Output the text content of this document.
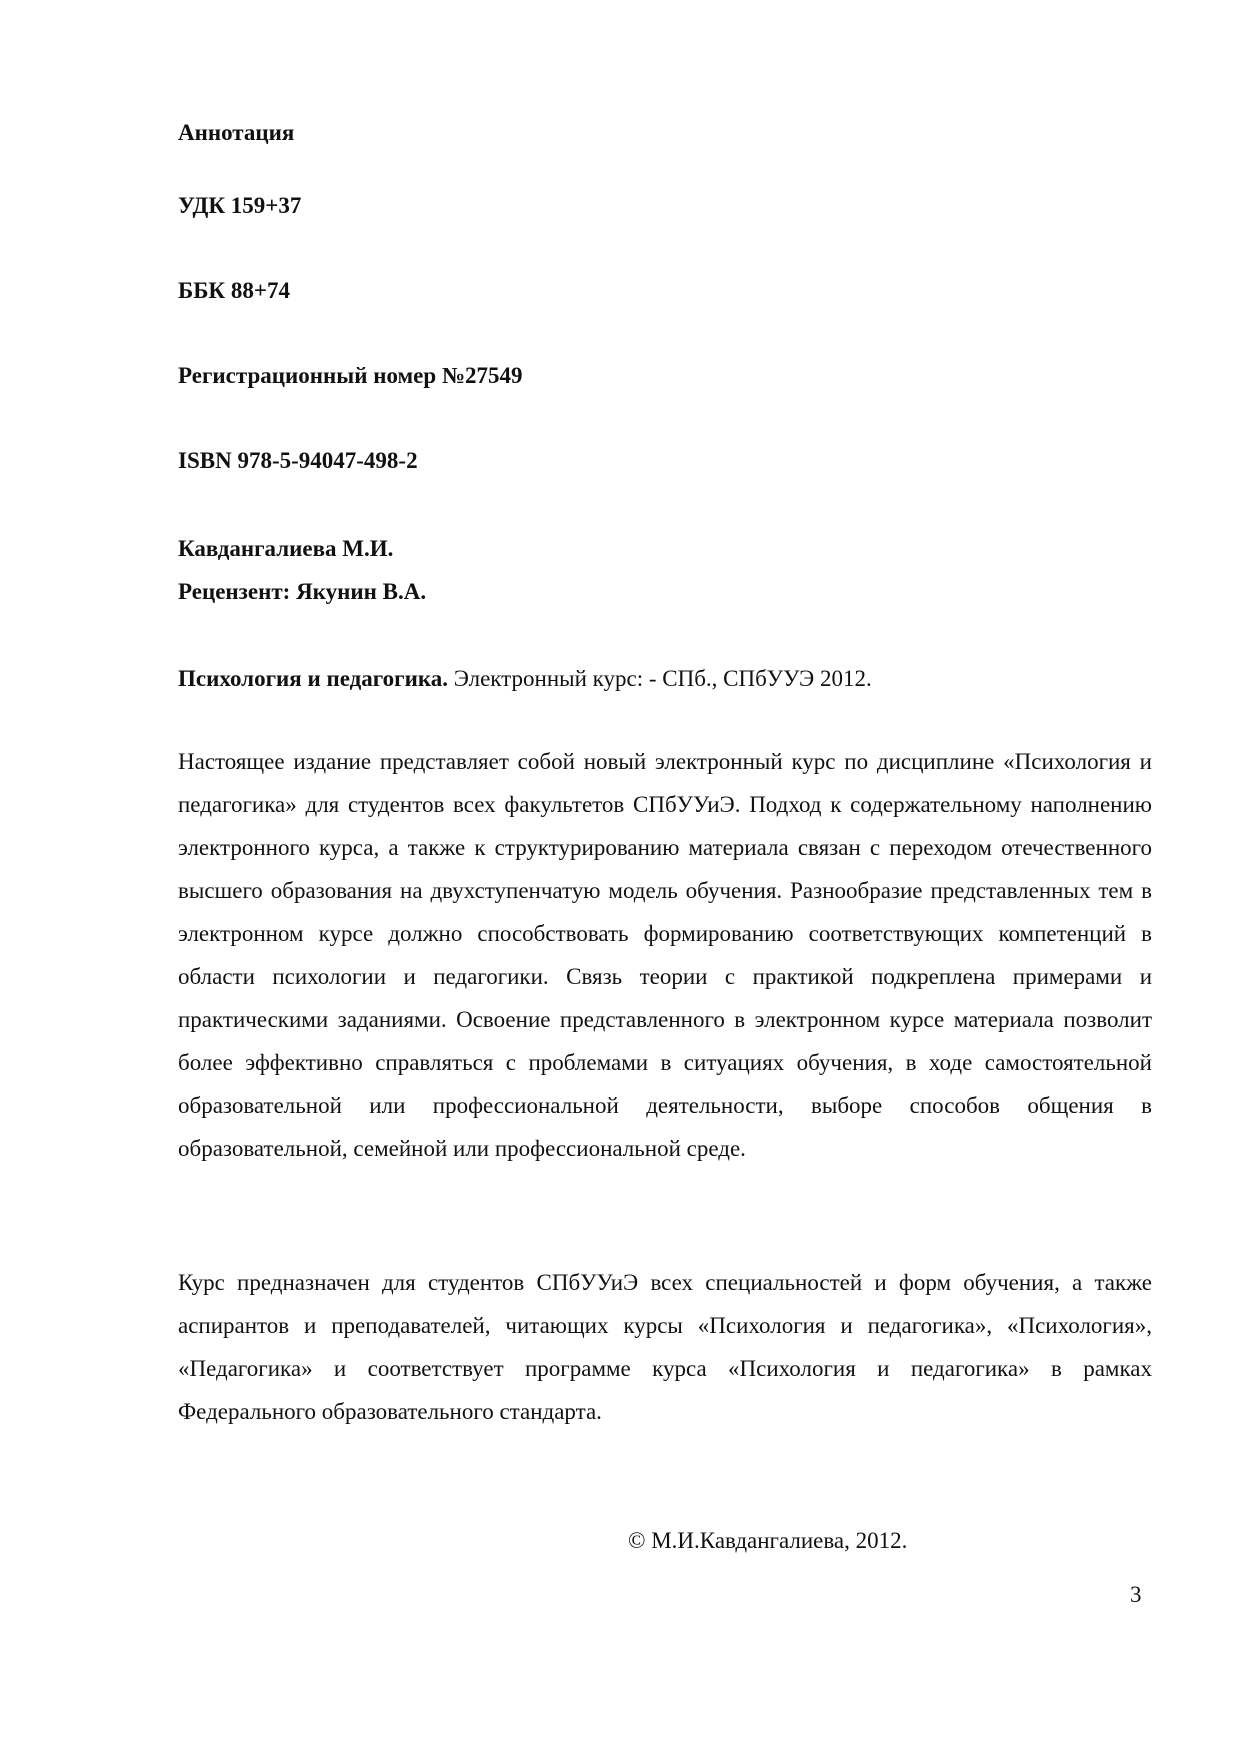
Аннотация
УДК 159+37
ББК 88+74
Регистрационный номер №27549
ISBN 978-5-94047-498-2
Кавдангалиева М.И.
Рецензент: Якунин В.А.
Психология и педагогика. Электронный курс: - СПб., СПбУУЭ 2012.
Настоящее издание представляет собой новый электронный курс по дисциплине «Психология и педагогика» для студентов всех факультетов СПбУУиЭ. Подход к содержательному наполнению электронного курса, а также к структурированию материала связан с переходом отечественного высшего образования на двухступенчатую модель обучения. Разнообразие представленных тем в электронном курсе должно способствовать формированию соответствующих компетенций в области психологии и педагогики. Связь теории с практикой подкреплена примерами и практическими заданиями. Освоение представленного в электронном курсе материала позволит более эффективно справляться с проблемами в ситуациях обучения, в ходе самостоятельной образовательной или профессиональной деятельности, выборе способов общения в образовательной, семейной или профессиональной среде.
Курс предназначен для студентов СПбУУиЭ всех специальностей и форм обучения, а также аспирантов и преподавателей, читающих курсы «Психология и педагогика», «Психология», «Педагогика» и соответствует программе курса «Психология и педагогика» в рамках Федерального образовательного стандарта.
© М.И.Кавдангалиева, 2012.
3
